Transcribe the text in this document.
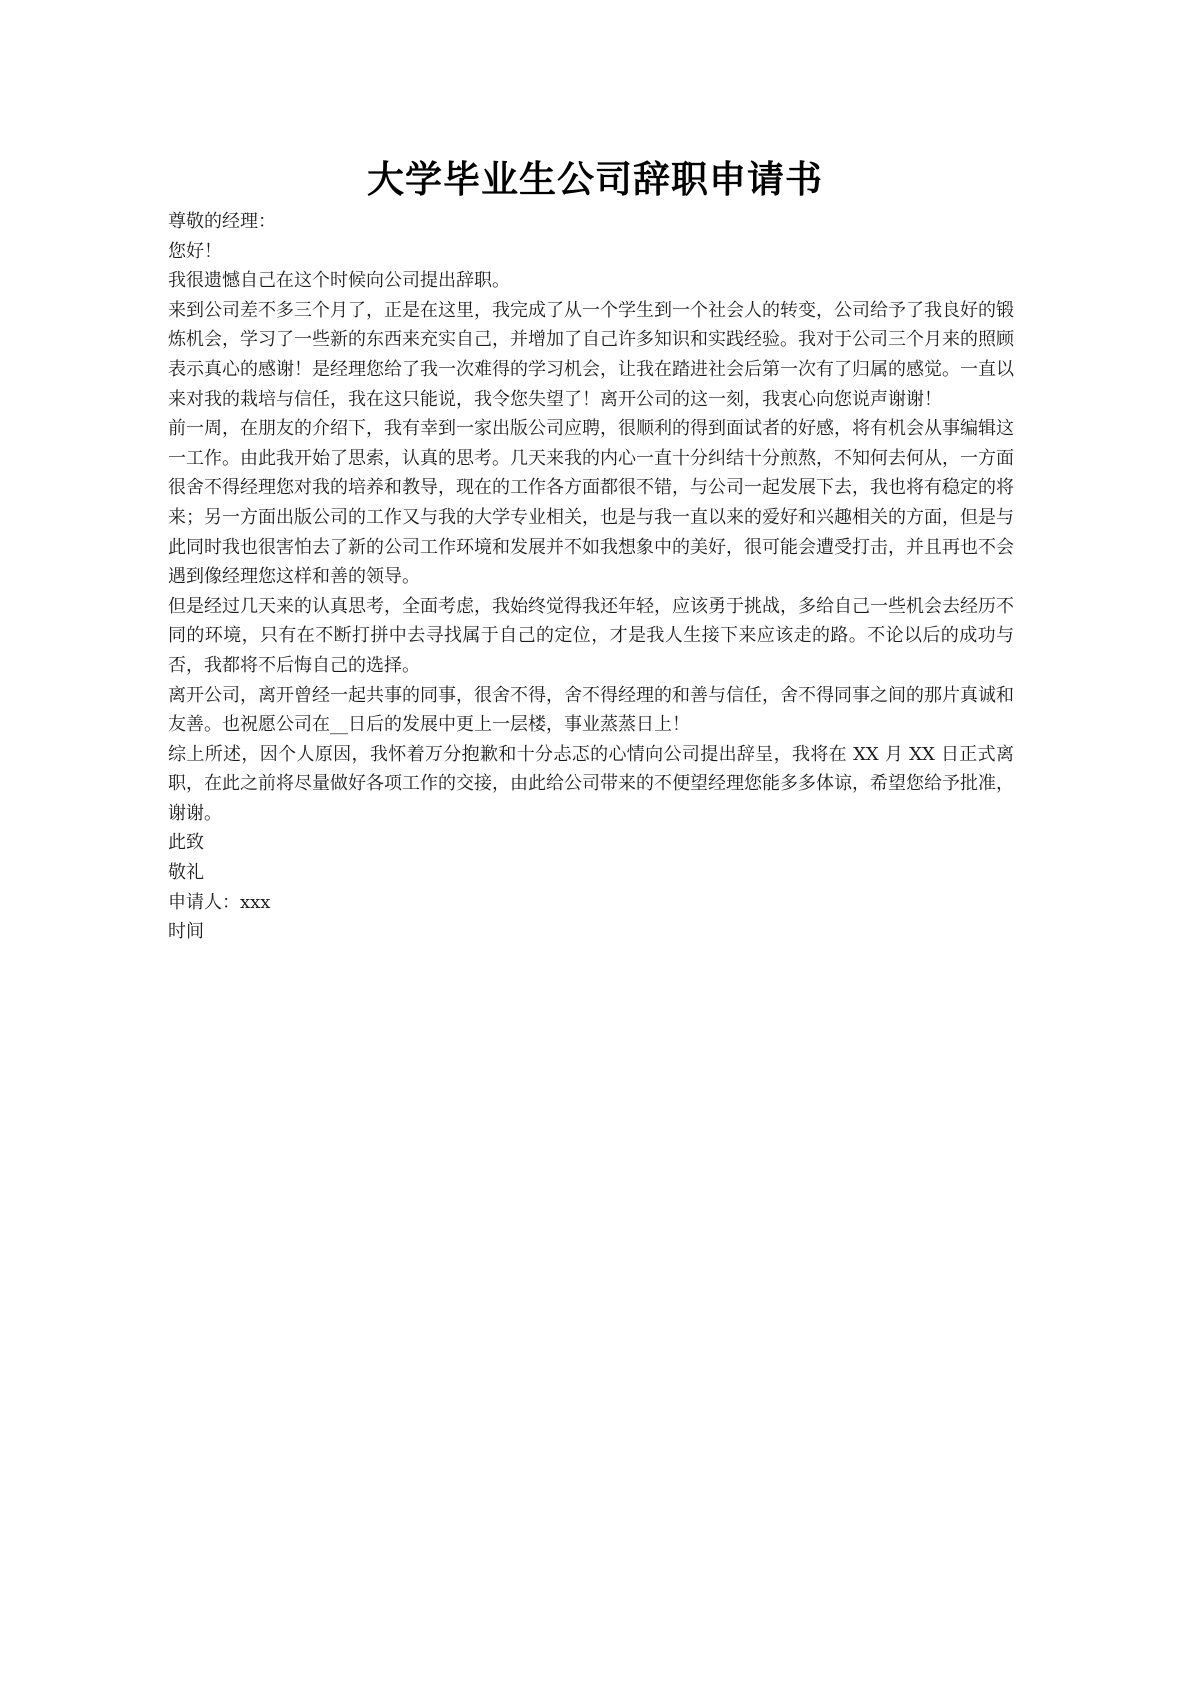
大学毕业生公司辞职申请书

尊敬的经理：

您好！

我很遗憾自己在这个时候向公司提出辞职。

来到公司差不多三个月了，正是在这里，我完成了从一个学生到一个社会人的转变，公司给予了我良好的锻炼机会，学习了一些新的东西来充实自己，并增加了自己许多知识和实践经验。我对于公司三个月来的照顾表示真心的感谢！是经理您给了我一次难得的学习机会，让我在踏进社会后第一次有了归属的感觉。一直以来对我的栽培与信任，我在这只能说，我令您失望了！离开公司的这一刻，我衷心向您说声谢谢！

前一周，在朋友的介绍下，我有幸到一家出版公司应聘，很顺利的得到面试者的好感，将有机会从事编辑这一工作。由此我开始了思索，认真的思考。几天来我的内心一直十分纠结十分煎熬，不知何去何从，一方面很舍不得经理您对我的培养和教导，现在的工作各方面都很不错，与公司一起发展下去，我也将有稳定的将来；另一方面出版公司的工作又与我的大学专业相关，也是与我一直以来的爱好和兴趣相关的方面，但是与此同时我也很害怕去了新的公司工作环境和发展并不如我想象中的美好，很可能会遭受打击，并且再也不会遇到像经理您这样和善的领导。

但是经过几天来的认真思考，全面考虑，我始终觉得我还年轻，应该勇于挑战，多给自己一些机会去经历不同的环境，只有在不断打拼中去寻找属于自己的定位，才是我人生接下来应该走的路。不论以后的成功与否，我都将不后悔自己的选择。

离开公司，离开曾经一起共事的同事，很舍不得，舍不得经理的和善与信任，舍不得同事之间的那片真诚和友善。也祝愿公司在__日后的发展中更上一层楼，事业蒸蒸日上！

综上所述，因个人原因，我怀着万分抱歉和十分忐忑的心情向公司提出辞呈，我将在 XX 月 XX 日正式离职，在此之前将尽量做好各项工作的交接，由此给公司带来的不便望经理您能多多体谅，希望您给予批准，谢谢。

此致

敬礼

申请人：xxx

时间
